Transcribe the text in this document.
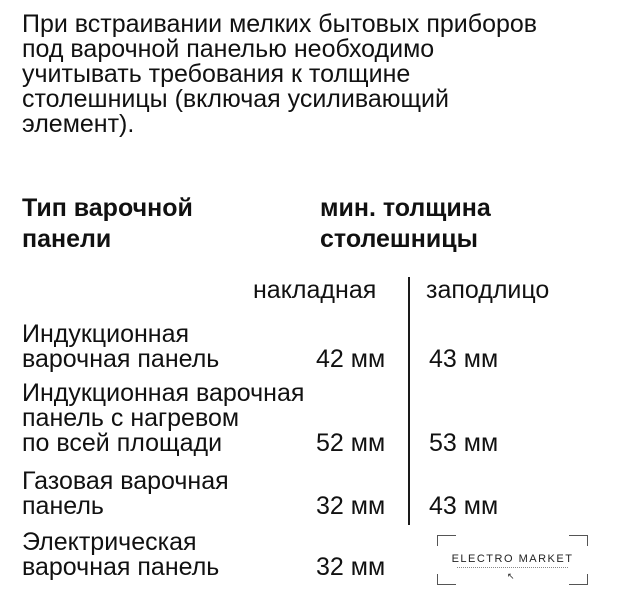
При встраивании мелких бытовых приборов
под варочной панелью необходимо
учитывать требования к толщине
столешницы (включая усиливающий
элемент).

Тип варочной
панели
мин. толщина
столешницы
накладная заподлицо
Индукционная
варочная панель	42 мм 43 мм
Индукционная варочная
панель с нагревом
по всей площади	52 мм 53 мм
Газовая варочная
панель	32 мм 43 мм
Электрическая
варочная панель	32 мм	ELECTRO MARKET
↖
